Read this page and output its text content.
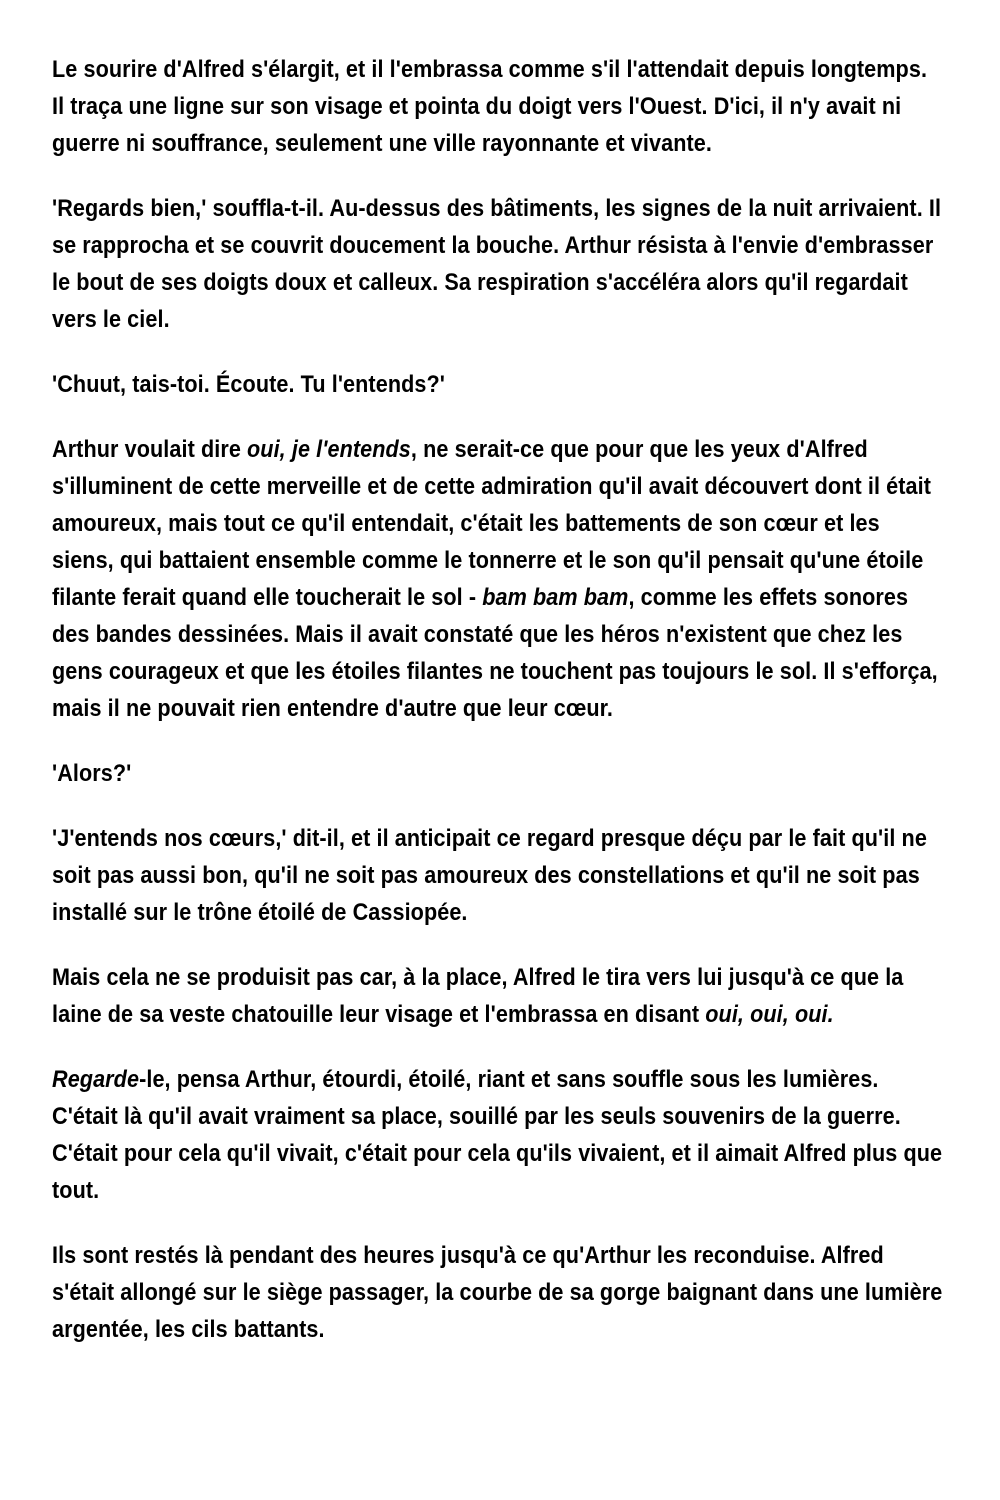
Le sourire d'Alfred s'élargit, et il l'embrassa comme s'il l'attendait depuis longtemps. Il traça une ligne sur son visage et pointa du doigt vers l'Ouest. D'ici, il n'y avait ni guerre ni souffrance, seulement une ville rayonnante et vivante.

'Regards bien,' souffla-t-il. Au-dessus des bâtiments, les signes de la nuit arrivaient. Il se rapprocha et se couvrit doucement la bouche. Arthur résista à l'envie d'embrasser le bout de ses doigts doux et calleux. Sa respiration s'accéléra alors qu'il regardait vers le ciel.

'Chuut, tais-toi. Écoute. Tu l'entends?'

Arthur voulait dire oui, je l'entends, ne serait-ce que pour que les yeux d'Alfred s'illuminent de cette merveille et de cette admiration qu'il avait découvert dont il était amoureux, mais tout ce qu'il entendait, c'était les battements de son cœur et les siens, qui battaient ensemble comme le tonnerre et le son qu'il pensait qu'une étoile filante ferait quand elle toucherait le sol - bam bam bam, comme les effets sonores des bandes dessinées. Mais il avait constaté que les héros n'existent que chez les gens courageux et que les étoiles filantes ne touchent pas toujours le sol. Il s'efforça, mais il ne pouvait rien entendre d'autre que leur cœur.

'Alors?'

'J'entends nos cœurs,' dit-il, et il anticipait ce regard presque déçu par le fait qu'il ne soit pas aussi bon, qu'il ne soit pas amoureux des constellations et qu'il ne soit pas installé sur le trône étoilé de Cassiopée.

Mais cela ne se produisit pas car, à la place, Alfred le tira vers lui jusqu'à ce que la laine de sa veste chatouille leur visage et l'embrassa en disant oui, oui, oui.

Regarde-le, pensa Arthur, étourdi, étoilé, riant et sans souffle sous les lumières. C'était là qu'il avait vraiment sa place, souillé par les seuls souvenirs de la guerre. C'était pour cela qu'il vivait, c'était pour cela qu'ils vivaient, et il aimait Alfred plus que tout.

Ils sont restés là pendant des heures jusqu'à ce qu'Arthur les reconduise. Alfred s'était allongé sur le siège passager, la courbe de sa gorge baignant dans une lumière argentée, les cils battants.
